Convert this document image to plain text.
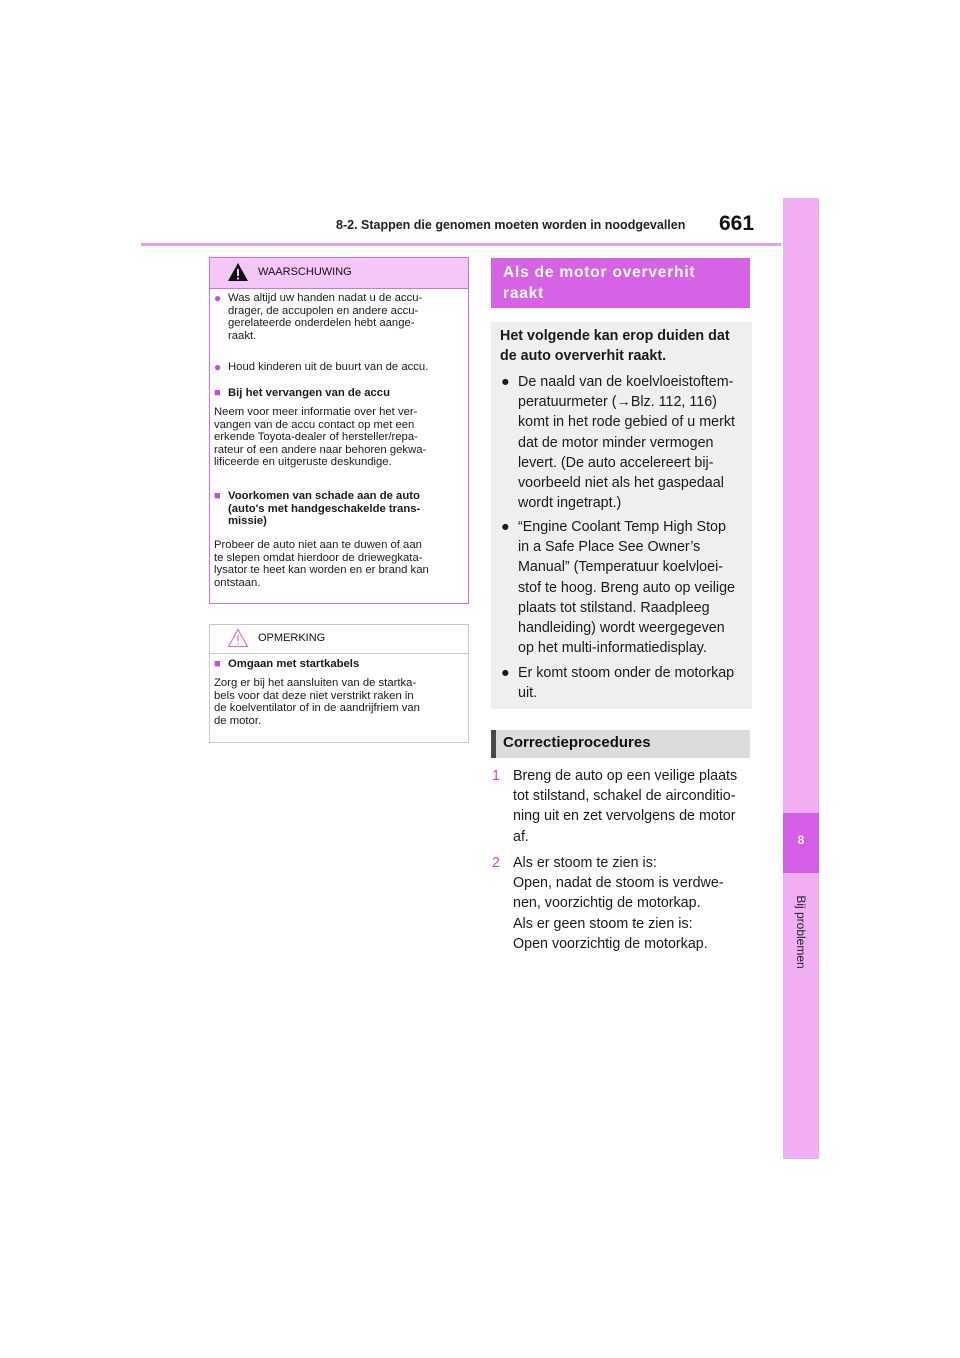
8-2. Stappen die genomen moeten worden in noodgevallen 661
8
Bij problemen
WAARSCHUWING
● Was altijd uw handen nadat u de accu-
drager, de accupolen en andere accu-
gerelateerde onderdelen hebt aange-
raakt.
● Houd kinderen uit de buurt van de accu.
■ Bij het vervangen van de accu
Neem voor meer informatie over het ver-
vangen van de accu contact op met een
erkende Toyota-dealer of hersteller/repa-
rateur of een andere naar behoren gekwa-
lificeerde en uitgeruste deskundige.
■ Voorkomen van schade aan de auto
(auto's met handgeschakelde trans-
missie)
Probeer de auto niet aan te duwen of aan
te slepen omdat hierdoor de driewegkata-
lysator te heet kan worden en er brand kan
ontstaan.
OPMERKING
■ Omgaan met startkabels
Zorg er bij het aansluiten van de startka-
bels voor dat deze niet verstrikt raken in
de koelventilator of in de aandrijfriem van
de motor.
Als de motor oververhit
raakt
Het volgende kan erop duiden dat
de auto oververhit raakt.
● De naald van de koelvloeistoftem-
peratuurmeter (→Blz. 112, 116)
komt in het rode gebied of u merkt
dat de motor minder vermogen
levert. (De auto accelereert bij-
voorbeeld niet als het gaspedaal
wordt ingetrapt.)
● “Engine Coolant Temp High Stop
in a Safe Place See Owner’s
Manual” (Temperatuur koelvloei-
stof te hoog. Breng auto op veilige
plaats tot stilstand. Raadpleeg
handleiding) wordt weergegeven
op het multi-informatiedisplay.
● Er komt stoom onder de motorkap
uit.
Correctieprocedures
1 Breng de auto op een veilige plaats
tot stilstand, schakel de airconditio-
ning uit en zet vervolgens de motor
af.
2 Als er stoom te zien is:
Open, nadat de stoom is verdwe-
nen, voorzichtig de motorkap.
Als er geen stoom te zien is:
Open voorzichtig de motorkap.
